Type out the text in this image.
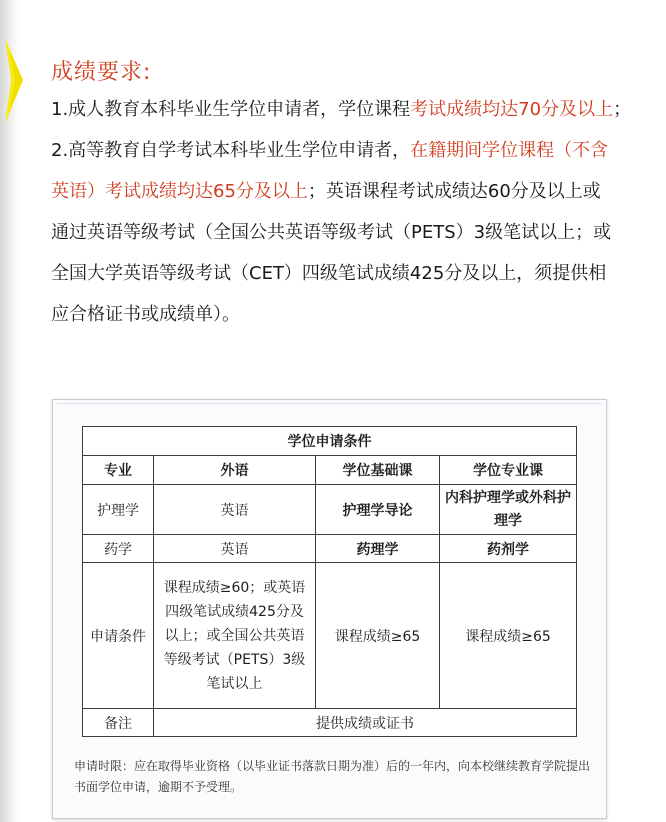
成绩要求:
1.成人教育本科毕业生学位申请者，学位课程考试成绩均达70分及以上；
2.高等教育自学考试本科毕业生学位申请者，在籍期间学位课程（不含英语）考试成绩均达65分及以上；英语课程考试成绩达60分及以上或通过英语等级考试（全国公共英语等级考试（PETS）3级笔试以上；或全国大学英语等级考试（CET）四级笔试成绩425分及以上，须提供相应合格证书或成绩单）。
学位申请条件			
专业	外语	学位基础课	学位专业课
护理学	英语	护理学导论	内科护理学或外科护理学
药学	英语	药理学	药剂学
申请条件	课程成绩≥60；或英语四级笔试成绩425分及以上；或全国公共英语等级考试（PETS）3级笔试以上	课程成绩≥65	课程成绩≥65
备注	提供成绩或证书		
申请时限：应在取得毕业资格（以毕业证书落款日期为准）后的一年内，向本校继续教育学院提出书面学位申请，逾期不予受理。
